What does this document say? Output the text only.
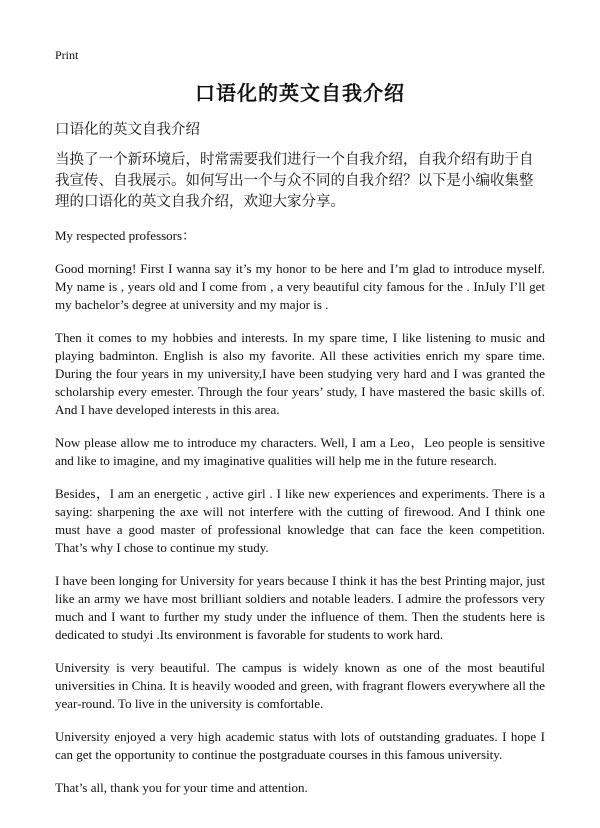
Print
口语化的英文自我介绍

口语化的英文自我介绍

当换了一个新环境后，时常需要我们进行一个自我介绍，自我介绍有助于自我宣传、自我展示。如何写出一个与众不同的自我介绍？以下是小编收集整理的口语化的英文自我介绍，欢迎大家分享。

My respected professors：

Good morning! First I wanna say it’s my honor to be here and I’m glad to introduce myself. My name is , years old and I come from , a very beautiful city famous for the . InJuly I’ll get my bachelor’s degree at university and my major is .

Then it comes to my hobbies and interests. In my spare time, I like listening to music and playing badminton. English is also my favorite. All these activities enrich my spare time. During the four years in my university,I have been studying very hard and I was granted the scholarship every emester. Through the four years’ study, I have mastered the basic skills of. And I have developed interests in this area.

Now please allow me to introduce my characters. Well, I am a Leo，Leo people is sensitive and like to imagine, and my imaginative qualities will help me in the future research.

Besides，I am an energetic , active girl . I like new experiences and experiments. There is a saying: sharpening the axe will not interfere with the cutting of firewood. And I think one must have a good master of professional knowledge that can face the keen competition. That’s why I chose to continue my study.

I have been longing for University for years because I think it has the best Printing major, just like an army we have most brilliant soldiers and notable leaders. I admire the professors very much and I want to further my study under the influence of them. Then the students here is dedicated to studyi .Its environment is favorable for students to work hard.

University is very beautiful. The campus is widely known as one of the most beautiful universities in China. It is heavily wooded and green, with fragrant flowers everywhere all the year-round. To live in the university is comfortable.

University enjoyed a very high academic status with lots of outstanding graduates. I hope I can get the opportunity to continue the postgraduate courses in this famous university.

That’s all, thank you for your time and attention.
